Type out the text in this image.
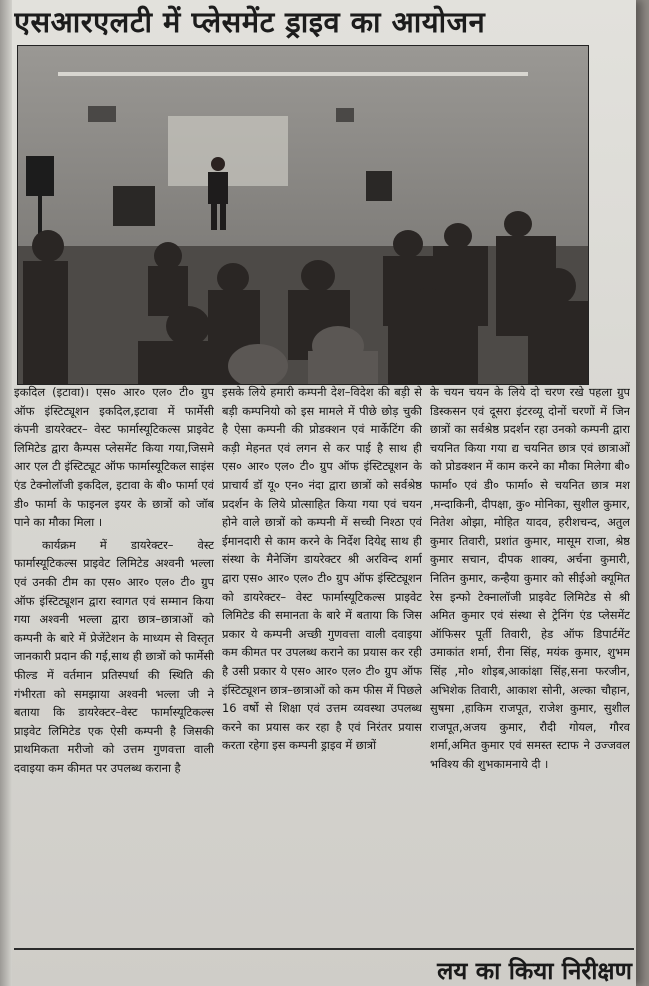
एसआरएलटी में प्लेसमेंट ड्राइव का आयोजन

इकदिल (इटावा)। एस० आर० एल० टी० ग्रुप ऑफ इंस्टिट्यूशन इकदिल,इटावा में फार्मेसी कंपनी डायरेक्टर– वेस्ट फार्मास्यूटिकल्स प्राइवेट लिमिटेड द्वारा कैम्पस प्लेसमेंट किया गया,जिसमे आर एल टी इंस्टिट्यूट ऑफ फार्मास्यूटिकल साइंस एंड टेक्नोलॉजी इकदिल, इटावा के बी० फार्मा एवं डी० फार्मा के फाइनल इयर के छात्रों को जॉब पाने का मौका मिला ।

कार्यक्रम में डायरेक्टर– वेस्ट फार्मास्यूटिकल्स प्राइवेट लिमिटेड अश्वनी भल्ला एवं उनकी टीम का एस० आर० एल० टी० ग्रुप ऑफ इंस्टिट्यूशन द्वारा स्वागत एवं सम्मान किया गया अश्वनी भल्ला द्वारा छात्र–छात्राओं को कम्पनी के बारे में प्रेजेंटेशन के माध्यम से विस्तृत जानकारी प्रदान की गई,साथ ही छात्रों को फार्मेसी फील्ड में वर्तमान प्रतिस्पर्धा की स्थिति की गंभीरता को समझाया अश्वनी भल्ला जी ने बताया कि डायरेक्टर–वेस्ट फार्मास्यूटिकल्स प्राइवेट लिमिटेड एक ऐसी कम्पनी है जिसकी प्राथमिकता मरीजो को उत्तम गुणवत्ता वाली दवाइया कम कीमत पर उपलब्ध कराना है

इसके लिये हमारी कम्पनी देश–विदेश की बड़ी से बड़ी कम्पनियो को इस मामले में पीछे छोड़ चुकी है ऐसा कम्पनी की प्रोडक्शन एवं मार्केटिंग की कड़ी मेहनत एवं लगन से कर पाई है साथ ही एस० आर० एल० टी० ग्रुप ऑफ इंस्टिट्यूशन के प्राचार्य डॉ यू० एन० नंदा द्वारा छात्रों को सर्वश्रेष्ठ प्रदर्शन के लिये प्रोत्साहित किया गया एवं चयन होने वाले छात्रों को कम्पनी में सच्ची निश्ठा एवं ईमानदारी से काम करने के निर्देश दियेद्द साथ ही संस्था के मैनेजिंग डायरेक्टर श्री अरविन्द शर्मा द्वारा एस० आर० एल० टी० ग्रुप ऑफ इंस्टिट्यूशन को डायरेक्टर– वेस्ट फार्मास्यूटिकल्स प्राइवेट लिमिटेड की समानता के बारे में बताया कि जिस प्रकार ये कम्पनी अच्छी गुणवत्ता वाली दवाइया कम कीमत पर उपलब्ध कराने का प्रयास कर रही है उसी प्रकार ये एस० आर० एल० टी० ग्रुप ऑफ इंस्टिट्यूशन छात्र–छात्राओं को कम फीस में पिछले 16 वर्षो से शिक्षा एवं उत्तम व्यवस्था उपलब्ध करने का प्रयास कर रहा है एवं निरंतर प्रयास करता रहेगा इस कम्पनी ड्राइव में छात्रों

के चयन चयन के लिये दो चरण रखे पहला ग्रुप डिस्कसन एवं दूसरा इंटरव्यू दोनों चरणों में जिन छात्रों का सर्वश्रेष्ठ प्रदर्शन रहा उनको कम्पनी द्वारा चयनित किया गया द्य चयनित छात्र एवं छात्राओं को प्रोडक्शन में काम करने का मौका मिलेगा बी० फार्मा० एवं डी० फार्मा० से चयनित छात्र मश ,मन्दाकिनी, दीपक्षा, कु० मोनिका, सुशील कुमार, नितेश ओझा, मोहित यादव, हरीशचन्द, अतुल कुमार तिवारी, प्रशांत कुमार, मासूम राजा, श्रेष्ठ कुमार सचान, दीपक शाक्य, अर्चना कुमारी, नितिन कुमार, कन्हैया कुमार को सीईओ क्यूमित रेस इन्फो टेक्नालॉजी प्राइवेट लिमिटेड से श्री अमित कुमार एवं संस्था से ट्रेनिंग एंड प्लेसमेंट ऑफिसर पूर्ती तिवारी, हेड ऑफ डिपार्टमेंट उमाकांत शर्मा, रीना सिंह, मयंक कुमार, शुभम सिंह ,मो० शोइब,आकांक्षा सिंह,सना फरजीन, अभिशेक तिवारी, आकाश सोनी, अल्का चौहान, सुषमा ,हाकिम राजपूत, राजेश कुमार, सुशील राजपूत,अजय कुमार, रौदी गोयल, गौरव शर्मा,अमित कुमार एवं समस्त स्टाफ ने उज्जवल भविश्य की शुभकामनाये दी ।

लय का किया निरीक्षण
